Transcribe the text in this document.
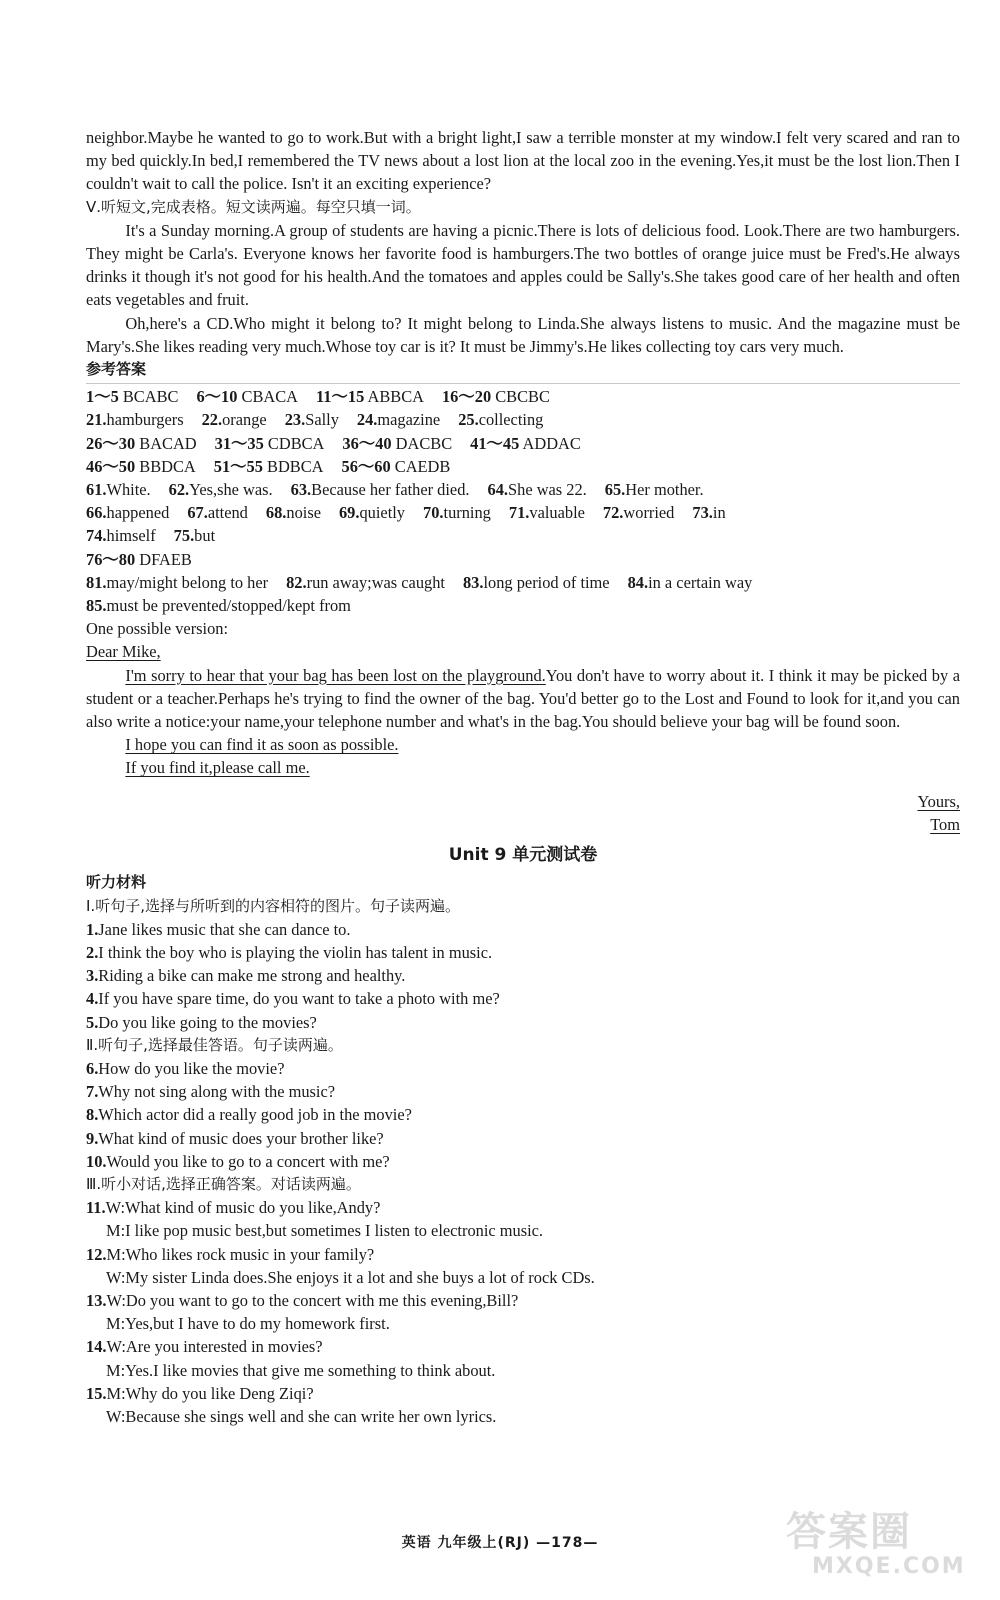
neighbor.Maybe he wanted to go to work.But with a bright light,I saw a terrible monster at my window.I felt very scared and ran to my bed quickly.In bed,I remembered the TV news about a lost lion at the local zoo in the evening.Yes,it must be the lost lion.Then I couldn't wait to call the police. Isn't it an exciting experience?

Ⅴ.听短文,完成表格。短文读两遍。每空只填一词。

It's a Sunday morning.A group of students are having a picnic.There is lots of delicious food. Look.There are two hamburgers. They might be Carla's. Everyone knows her favorite food is hamburgers.The two bottles of orange juice must be Fred's.He always drinks it though it's not good for his health.And the tomatoes and apples could be Sally's.She takes good care of her health and often eats vegetables and fruit.

Oh,here's a CD.Who might it belong to? It might belong to Linda.She always listens to music. And the magazine must be Mary's.She likes reading very much.Whose toy car is it? It must be Jimmy's.He likes collecting toy cars very much.

参考答案

1～5 BCABC 6～10 CBACA 11～15 ABBCA 16～20 CBCBC

21.hamburgers 22.orange 23.Sally 24.magazine 25.collecting

26～30 BACAD 31～35 CDBCA 36～40 DACBC 41～45 ADDAC

46～50 BBDCA 51～55 BDBCA 56～60 CAEDB

61.White. 62.Yes,she was. 63.Because her father died. 64.She was 22. 65.Her mother.

66.happened 67.attend 68.noise 69.quietly 70.turning 71.valuable 72.worried 73.in

74.himself 75.but

76～80 DFAEB

81.may/might belong to her 82.run away;was caught 83.long period of time 84.in a certain way

85.must be prevented/stopped/kept from

One possible version:

Dear Mike,

I'm sorry to hear that your bag has been lost on the playground.You don't have to worry about it. I think it may be picked by a student or a teacher.Perhaps he's trying to find the owner of the bag. You'd better go to the Lost and Found to look for it,and you can also write a notice:your name,your telephone number and what's in the bag.You should believe your bag will be found soon.

I hope you can find it as soon as possible.

If you find it,please call me.

Yours,

Tom

Unit 9 单元测试卷

听力材料

Ⅰ.听句子,选择与所听到的内容相符的图片。句子读两遍。

1.Jane likes music that she can dance to.

2.I think the boy who is playing the violin has talent in music.

3.Riding a bike can make me strong and healthy.

4.If you have spare time, do you want to take a photo with me?

5.Do you like going to the movies?

Ⅱ.听句子,选择最佳答语。句子读两遍。

6.How do you like the movie?

7.Why not sing along with the music?

8.Which actor did a really good job in the movie?

9.What kind of music does your brother like?

10.Would you like to go to a concert with me?

Ⅲ.听小对话,选择正确答案。对话读两遍。

11.W:What kind of music do you like,Andy?

M:I like pop music best,but sometimes I listen to electronic music.

12.M:Who likes rock music in your family?

W:My sister Linda does.She enjoys it a lot and she buys a lot of rock CDs.

13.W:Do you want to go to the concert with me this evening,Bill?

M:Yes,but I have to do my homework first.

14.W:Are you interested in movies?

M:Yes.I like movies that give me something to think about.

15.M:Why do you like Deng Ziqi?

W:Because she sings well and she can write her own lyrics.

英语 九年级上(RJ) —178—	答案圈
MXQE.COM
